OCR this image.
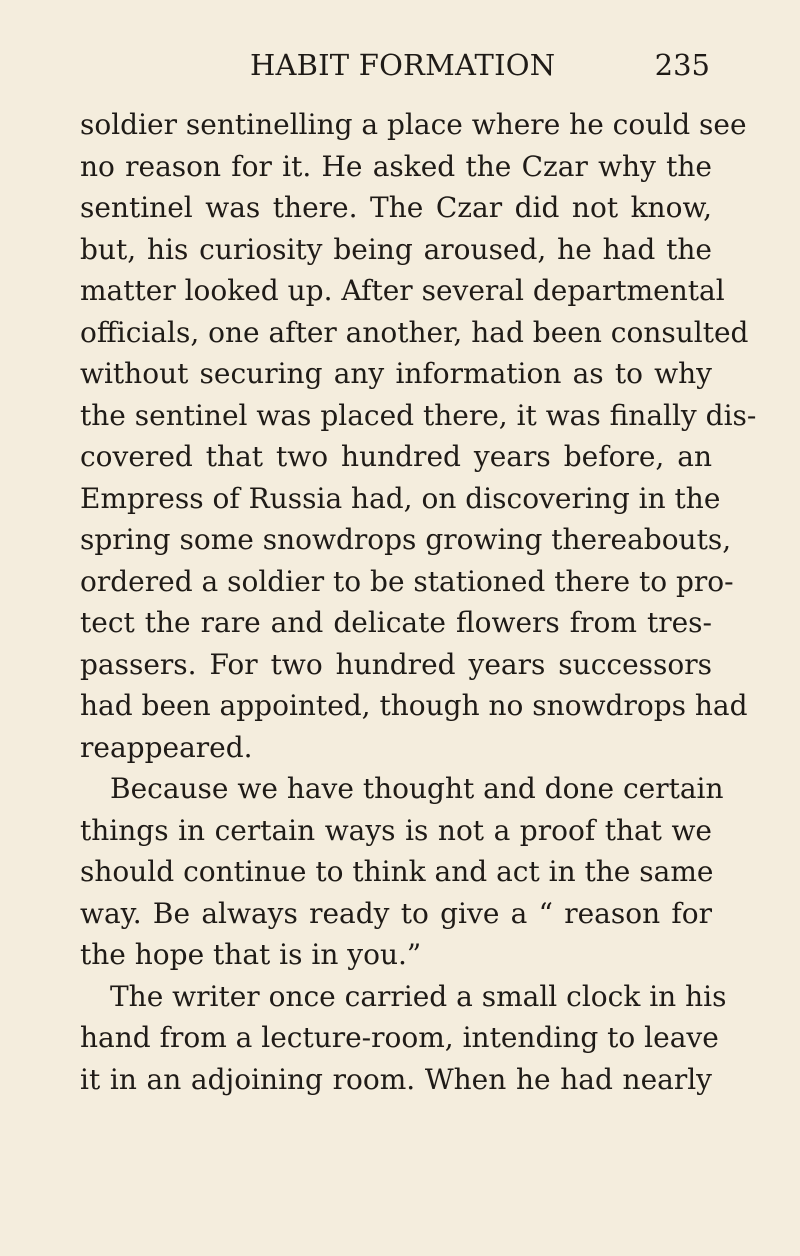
HABIT FORMATION	235
soldier sentinelling a place where he could see
no reason for it. He asked the Czar why the
sentinel was there. The Czar did not know,
but, his curiosity being aroused, he had the
matter looked up. After several departmental
officials, one after another, had been consulted
without securing any information as to why
the sentinel was placed there, it was finally dis-
covered that two hundred years before, an
Empress of Russia had, on discovering in the
spring some snowdrops growing thereabouts,
ordered a soldier to be stationed there to pro-
tect the rare and delicate flowers from tres-
passers. For two hundred years successors
had been appointed, though no snowdrops had
reappeared.
Because we have thought and done certain
things in certain ways is not a proof that we
should continue to think and act in the same
way. Be always ready to give a “ reason for
the hope that is in you.”
The writer once carried a small clock in his
hand from a lecture-room, intending to leave
it in an adjoining room. When he had nearly
